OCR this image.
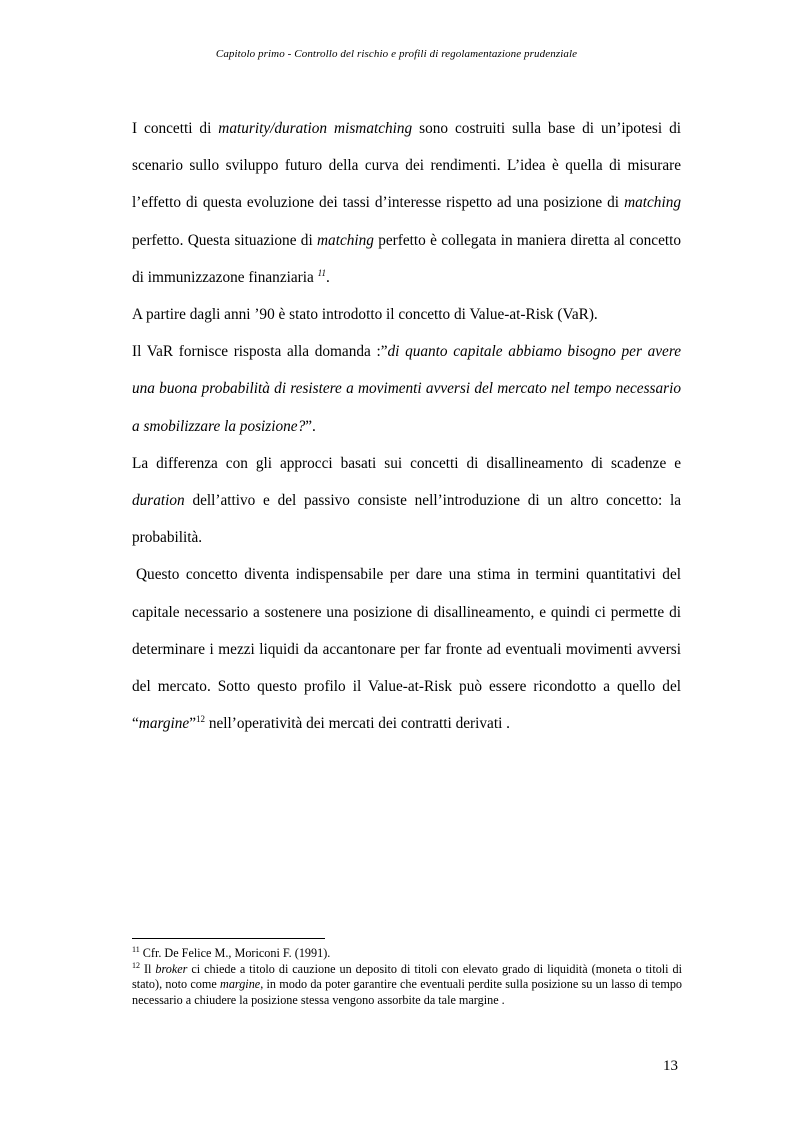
Capitolo primo - Controllo del rischio e profili di regolamentazione prudenziale

I concetti di maturity/duration mismatching sono costruiti sulla base di un’ipotesi di scenario sullo sviluppo futuro della curva dei rendimenti. L’idea è quella di misurare l’effetto di questa evoluzione dei tassi d’interesse rispetto ad una posizione di matching perfetto. Questa situazione di matching perfetto è collegata in maniera diretta al concetto di immunizzazone finanziaria $^{11}$.

A partire dagli anni ’90 è stato introdotto il concetto di Value-at-Risk (VaR).

Il VaR fornisce risposta alla domanda :”di quanto capitale abbiamo bisogno per avere una buona probabilità di resistere a movimenti avversi del mercato nel tempo necessario a smobilizzare la posizione?”.

La differenza con gli approcci basati sui concetti di disallineamento di scadenze e duration dell’attivo e del passivo consiste nell’introduzione di un altro concetto: la probabilità.

Questo concetto diventa indispensabile per dare una stima in termini quantitativi del capitale necessario a sostenere una posizione di disallineamento, e quindi ci permette di determinare i mezzi liquidi da accantonare per far fronte ad eventuali movimenti avversi del mercato. Sotto questo profilo il Value-at-Risk può essere ricondotto a quello del “margine”$^{12}$ nell’operatività dei mercati dei contratti derivati .

$^{11}$ Cfr. De Felice M., Moriconi F. (1991).

$^{12}$ Il broker ci chiede a titolo di cauzione un deposito di titoli con elevato grado di liquidità (moneta o titoli di stato), noto come margine, in modo da poter garantire che eventuali perdite sulla posizione su un lasso di tempo necessario a chiudere la posizione stessa vengono assorbite da tale margine .

13
